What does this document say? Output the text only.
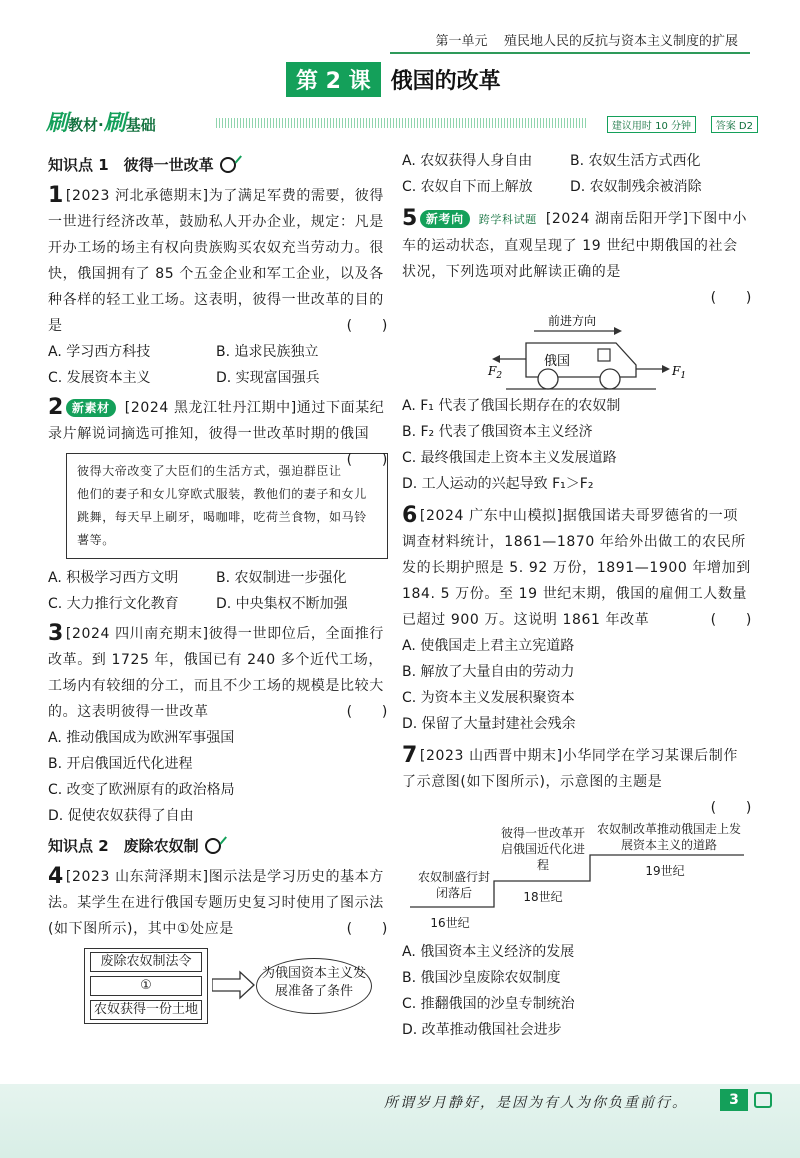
第一单元 殖民地人民的反抗与资本主义制度的扩展
第 2 课 俄国的改革
刷教材·刷基础	建议用时 10 分钟	答案 D2
知识点 1　彼得一世改革
1 [2023 河北承德期末]为了满足军费的需要，彼得一世进行经济改革，鼓励私人开办企业，规定：凡是开办工场的场主有权向贵族购买农奴充当劳动力。很快，俄国拥有了 85 个五金企业和军工企业，以及各种各样的轻工业工场。这表明，彼得一世改革的目的是	(　　)
A. 学习西方科技	B. 追求民族独立
C. 发展资本主义	D. 实现富国强兵
2 新素材 [2024 黑龙江牡丹江期中]通过下面某纪录片解说词摘选可推知，彼得一世改革时期的俄国
(　　)
彼得大帝改变了大臣们的生活方式，强迫群臣让他们的妻子和女儿穿欧式服装，教他们的妻子和女儿跳舞，每天早上刷牙，喝咖啡，吃荷兰食物，如马铃薯等。
A. 积极学习西方文明	B. 农奴制进一步强化
C. 大力推行文化教育	D. 中央集权不断加强
3 [2024 四川南充期末]彼得一世即位后，全面推行改革。到 1725 年，俄国已有 240 多个近代工场，工场内有较细的分工，而且不少工场的规模是比较大的。这表明彼得一世改革	(　　)
A. 推动俄国成为欧洲军事强国
B. 开启俄国近代化进程
C. 改变了欧洲原有的政治格局
D. 促使农奴获得了自由
知识点 2　废除农奴制
4 [2023 山东菏泽期末]图示法是学习历史的基本方法。某学生在进行俄国专题历史复习时使用了图示法(如下图所示)，其中①处应是	(　　)
废除农奴制法令
①
农奴获得一份土地
为俄国资本主义发展准备了条件
A. 农奴获得人身自由	B. 农奴生活方式西化
C. 农奴自下而上解放	D. 农奴制残余被消除
5 新考向 跨学科试题 [2024 湖南岳阳开学]下图中小车的运动状态，直观呈现了 19 世纪中期俄国的社会状况，下列选项对此解读正确的是
(　　)
前进方向
俄国
$F_2$	$F_1$
A. F₁ 代表了俄国长期存在的农奴制
B. F₂ 代表了俄国资本主义经济
C. 最终俄国走上资本主义发展道路
D. 工人运动的兴起导致 F₁＞F₂
6 [2024 广东中山模拟]据俄国诺夫哥罗德省的一项调查材料统计，1861—1870 年给外出做工的农民所发的长期护照是 5. 92 万份，1891—1900 年增加到 184. 5 万份。至 19 世纪末期，俄国的雇佣工人数量已超过 900 万。这说明 1861 年改革	(　　)
A. 使俄国走上君主立宪道路
B. 解放了大量自由的劳动力
C. 为资本主义发展积聚资本
D. 保留了大量封建社会残余
7 [2023 山西晋中期末]小华同学在学习某课后制作了示意图(如下图所示)，示意图的主题是
(　　)
农奴制盛行封闭落后
16世纪
彼得一世改革开启俄国近代化进程
18世纪
农奴制改革推动俄国走上发展资本主义的道路
19世纪
A. 俄国资本主义经济的发展
B. 俄国沙皇废除农奴制度
C. 推翻俄国的沙皇专制统治
D. 改革推动俄国社会进步
所谓岁月静好，是因为有人为你负重前行。	3
